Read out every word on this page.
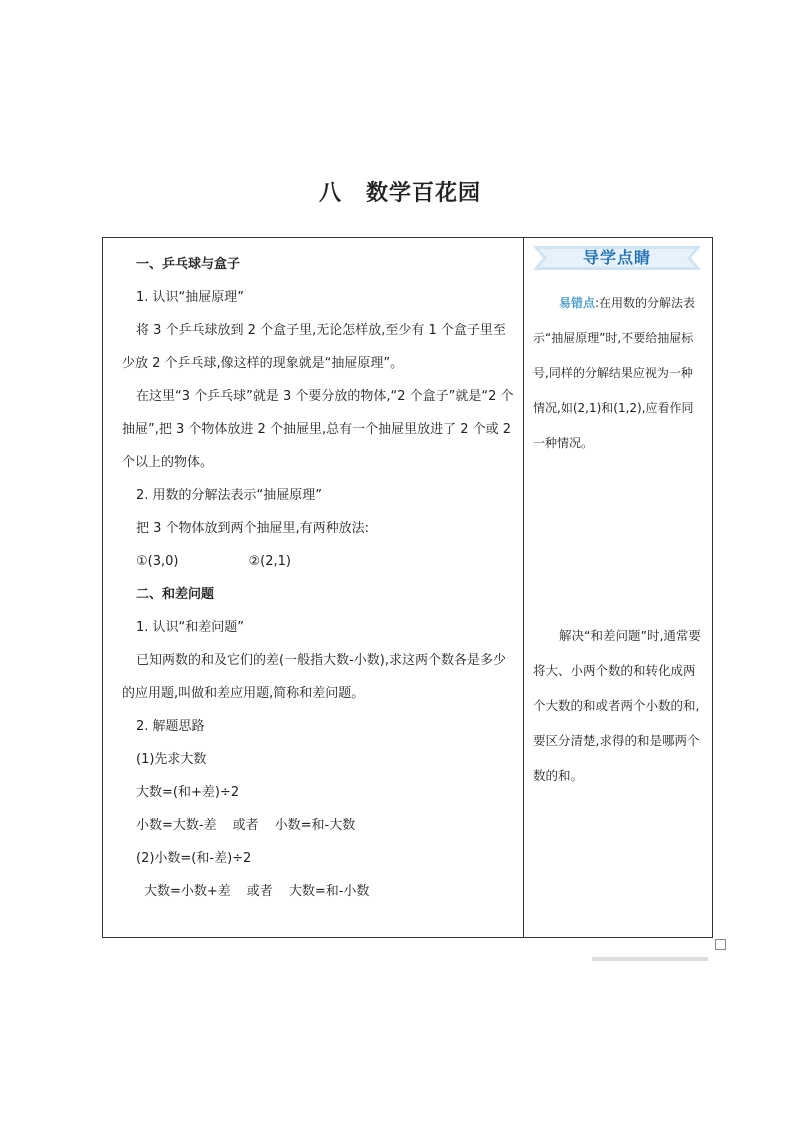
八 数学百花园

一、乒乓球与盒子

1. 认识“抽屉原理”

将 3 个乒乓球放到 2 个盒子里,无论怎样放,至少有 1 个盒子里至少放 2 个乒乓球,像这样的现象就是“抽屉原理”。

在这里“3 个乒乓球”就是 3 个要分放的物体,“2 个盒子”就是“2 个抽屉”,把 3 个物体放进 2 个抽屉里,总有一个抽屉里放进了 2 个或 2 个以上的物体。

2. 用数的分解法表示“抽屉原理”

把 3 个物体放到两个抽屉里,有两种放法:

①(3,0)	②(2,1)

二、和差问题

1. 认识“和差问题”

已知两数的和及它们的差(一般指大数-小数),求这两个数各是多少的应用题,叫做和差应用题,简称和差问题。

2. 解题思路

(1)先求大数

大数=(和+差)÷2

小数=大数-差 或者 小数=和-大数

(2)小数=(和-差)÷2

大数=小数+差 或者 大数=和-小数

导学点睛
易错点:在用数的分解法表示“抽屉原理”时,不要给抽屉标号,同样的分解结果应视为一种情况,如(2,1)和(1,2),应看作同一种情况。
解决“和差问题”时,通常要将大、小两个数的和转化成两个大数的和或者两个小数的和,要区分清楚,求得的和是哪两个数的和。
